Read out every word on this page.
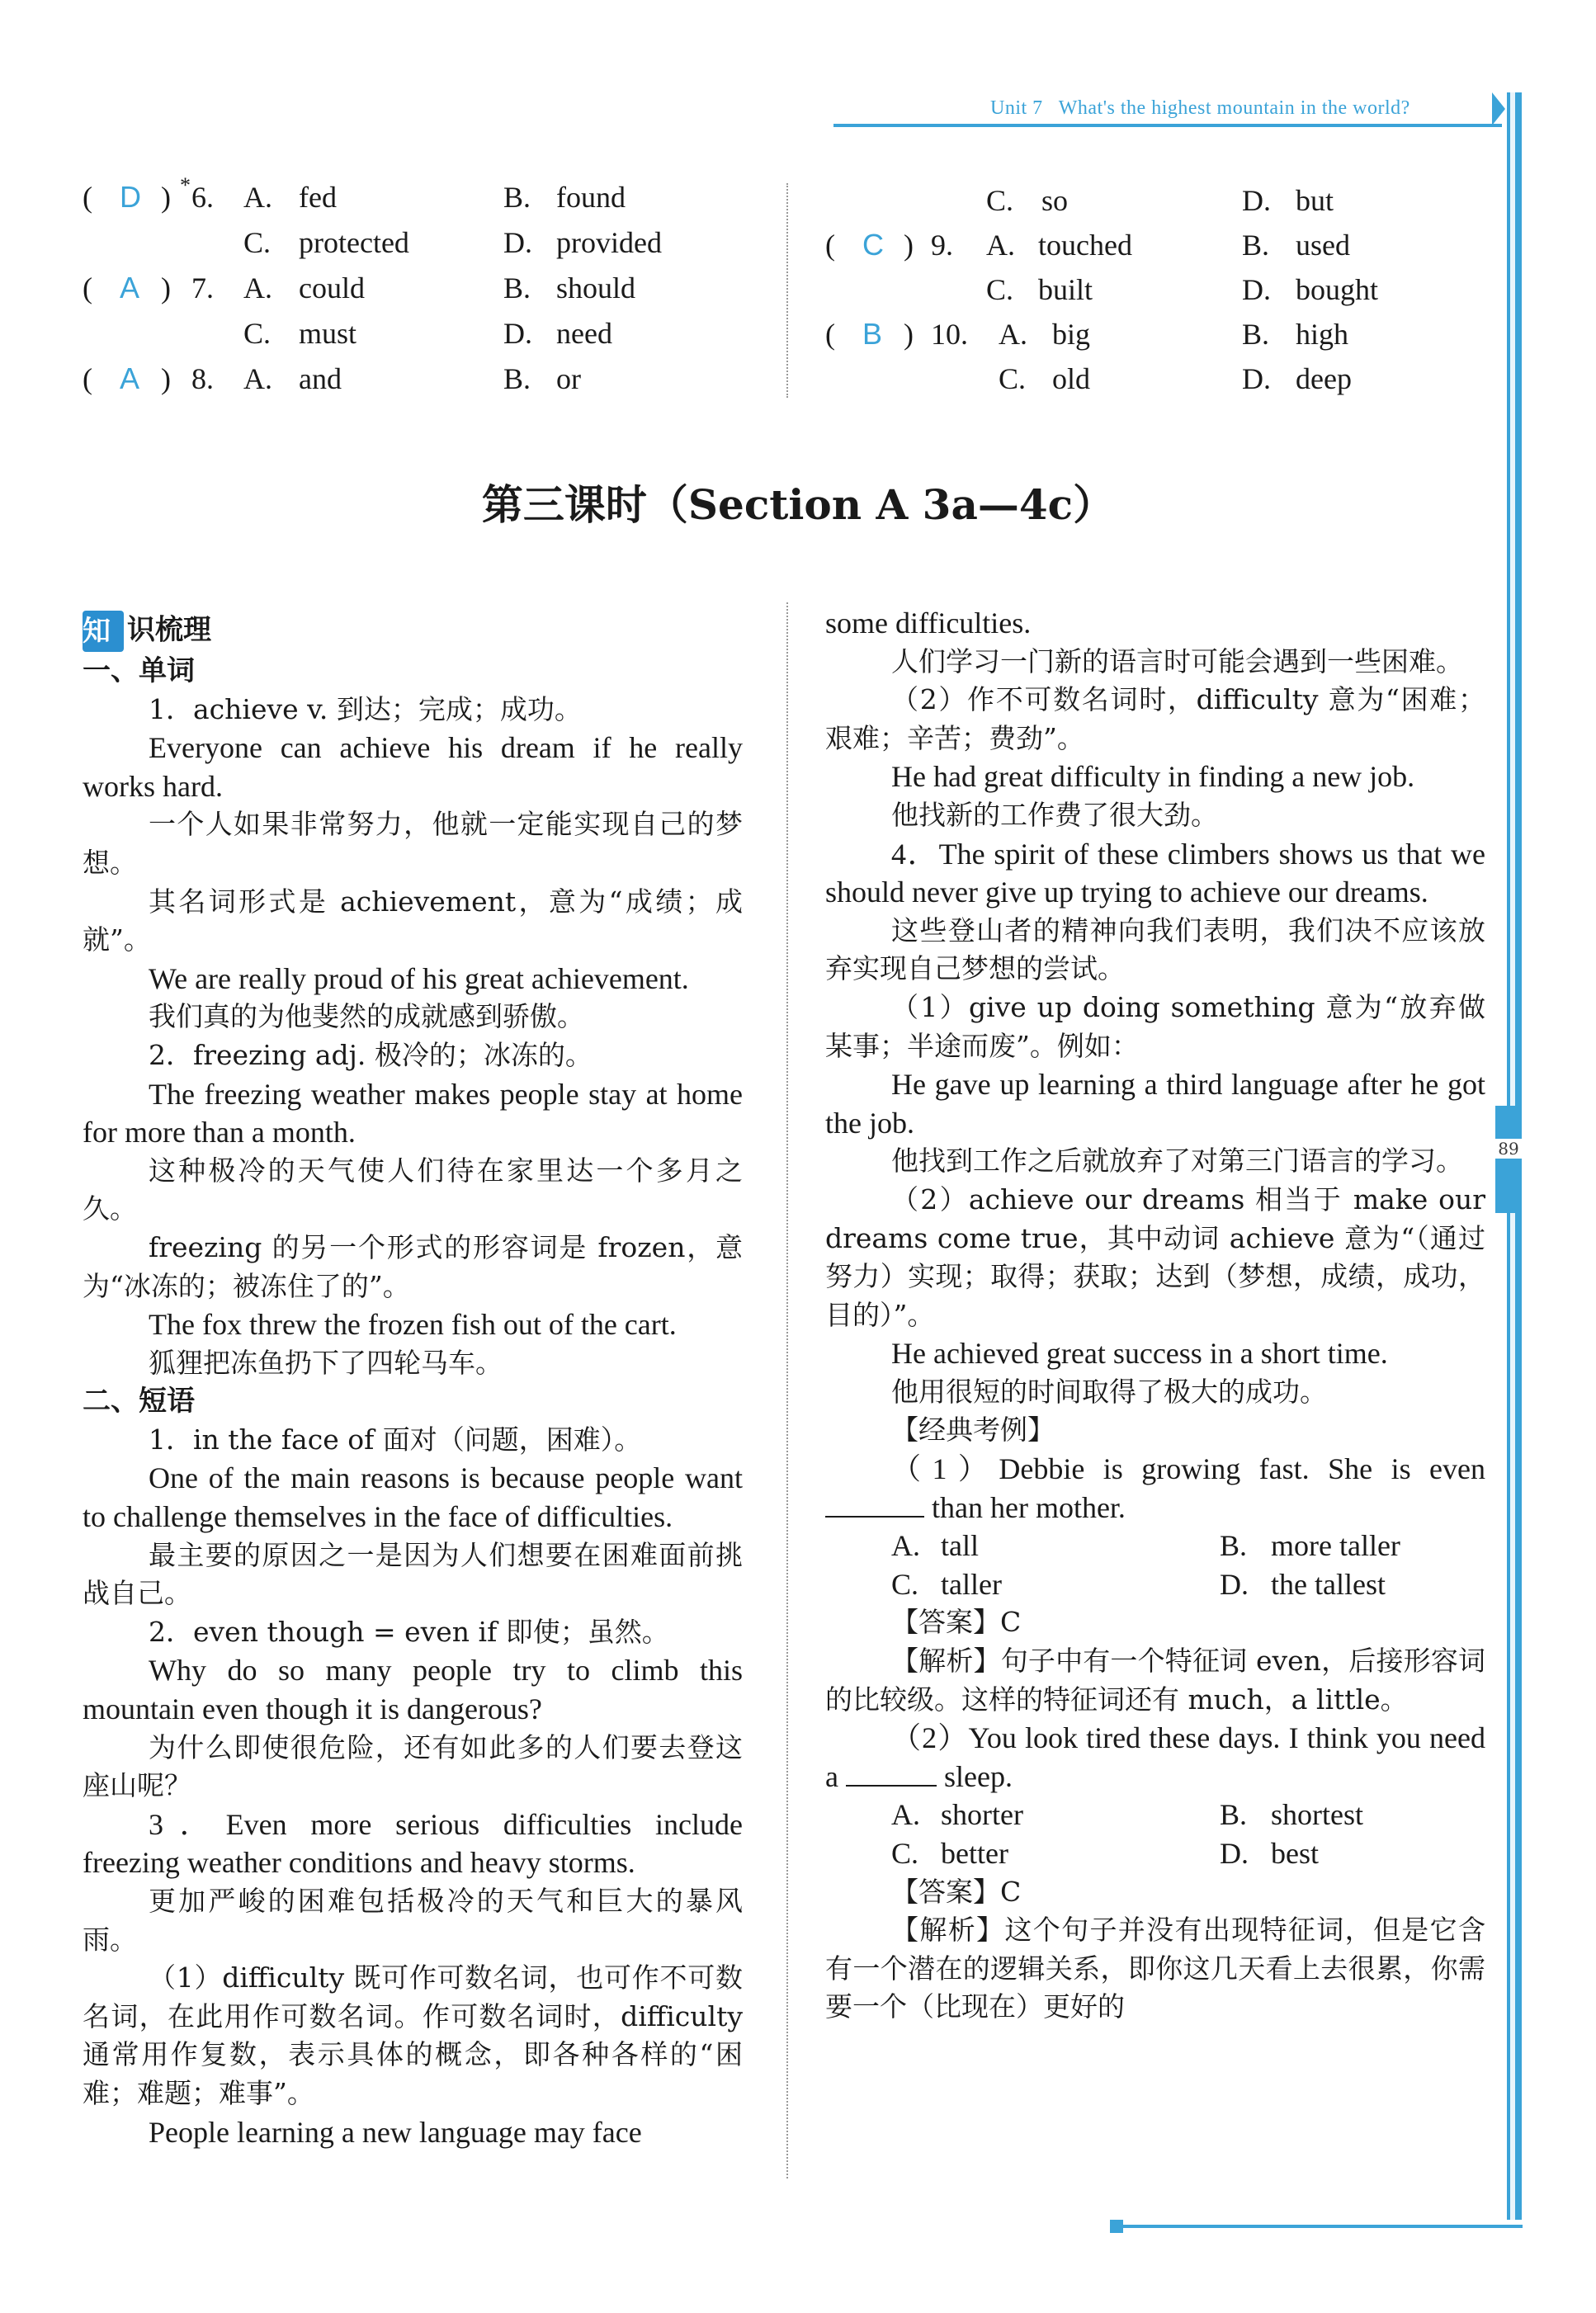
Unit 7 What's the highest mountain in the world?
89
( D ) * 6. A. fed	B. found
C. protected	D. provided
( A ) 7. A. could	B. should
C. must	D. need
( A ) 8. A. and	B. or
C. so	D. but
( C ) 9. A. touched	B. used
C. built	D. bought
( B ) 10. A. big	B. high
C. old	D. deep
第三课时（Section A 3a—4c）

知 识梳理

一、单词

1．achieve v. 到达；完成；成功。

Everyone can achieve his dream if he really works hard.

一个人如果非常努力，他就一定能实现自己的梦想。

其名词形式是 achievement，意为“成绩；成就”。

We are really proud of his great achievement.

我们真的为他斐然的成就感到骄傲。

2．freezing adj. 极冷的；冰冻的。

The freezing weather makes people stay at home for more than a month.

这种极冷的天气使人们待在家里达一个多月之久。

freezing 的另一个形式的形容词是 frozen，意为“冰冻的；被冻住了的”。

The fox threw the frozen fish out of the cart.

狐狸把冻鱼扔下了四轮马车。

二、短语

1．in the face of 面对（问题，困难）。

One of the main reasons is because people want to challenge themselves in the face of difficulties.

最主要的原因之一是因为人们想要在困难面前挑战自己。

2．even though = even if 即使；虽然。

Why do so many people try to climb this mountain even though it is dangerous?

为什么即使很危险，还有如此多的人们要去登这座山呢？

3．Even more serious difficulties include freezing weather conditions and heavy storms.

更加严峻的困难包括极冷的天气和巨大的暴风雨。

（1）difficulty 既可作可数名词，也可作不可数名词，在此用作可数名词。作可数名词时，difficulty 通常用作复数，表示具体的概念，即各种各样的“困难；难题；难事”。

People learning a new language may face

some difficulties.

人们学习一门新的语言时可能会遇到一些困难。

（2）作不可数名词时，difficulty 意为“困难；艰难；辛苦；费劲”。

He had great difficulty in finding a new job.

他找新的工作费了很大劲。

4．The spirit of these climbers shows us that we should never give up trying to achieve our dreams.

这些登山者的精神向我们表明，我们决不应该放弃实现自己梦想的尝试。

（1）give up doing something 意为“放弃做某事；半途而废”。例如：

He gave up learning a third language after he got the job.

他找到工作之后就放弃了对第三门语言的学习。

（2）achieve our dreams 相当于 make our dreams come true，其中动词 achieve 意为“（通过努力）实现；取得；获取；达到（梦想，成绩，成功，目的）”。

He achieved great success in a short time.

他用很短的时间取得了极大的成功。

【经典考例】

（1）Debbie is growing fast. She is even  than her mother.

A. tall	B. more taller
C. taller	D. the tallest

【答案】C

【解析】句子中有一个特征词 even，后接形容词的比较级。这样的特征词还有 much，a little。

（2）You look tired these days. I think you need a	sleep.

A. shorter	B. shortest
C. better	D. best

【答案】C

【解析】这个句子并没有出现特征词，但是它含有一个潜在的逻辑关系，即你这几天看上去很累，你需要一个（比现在）更好的
